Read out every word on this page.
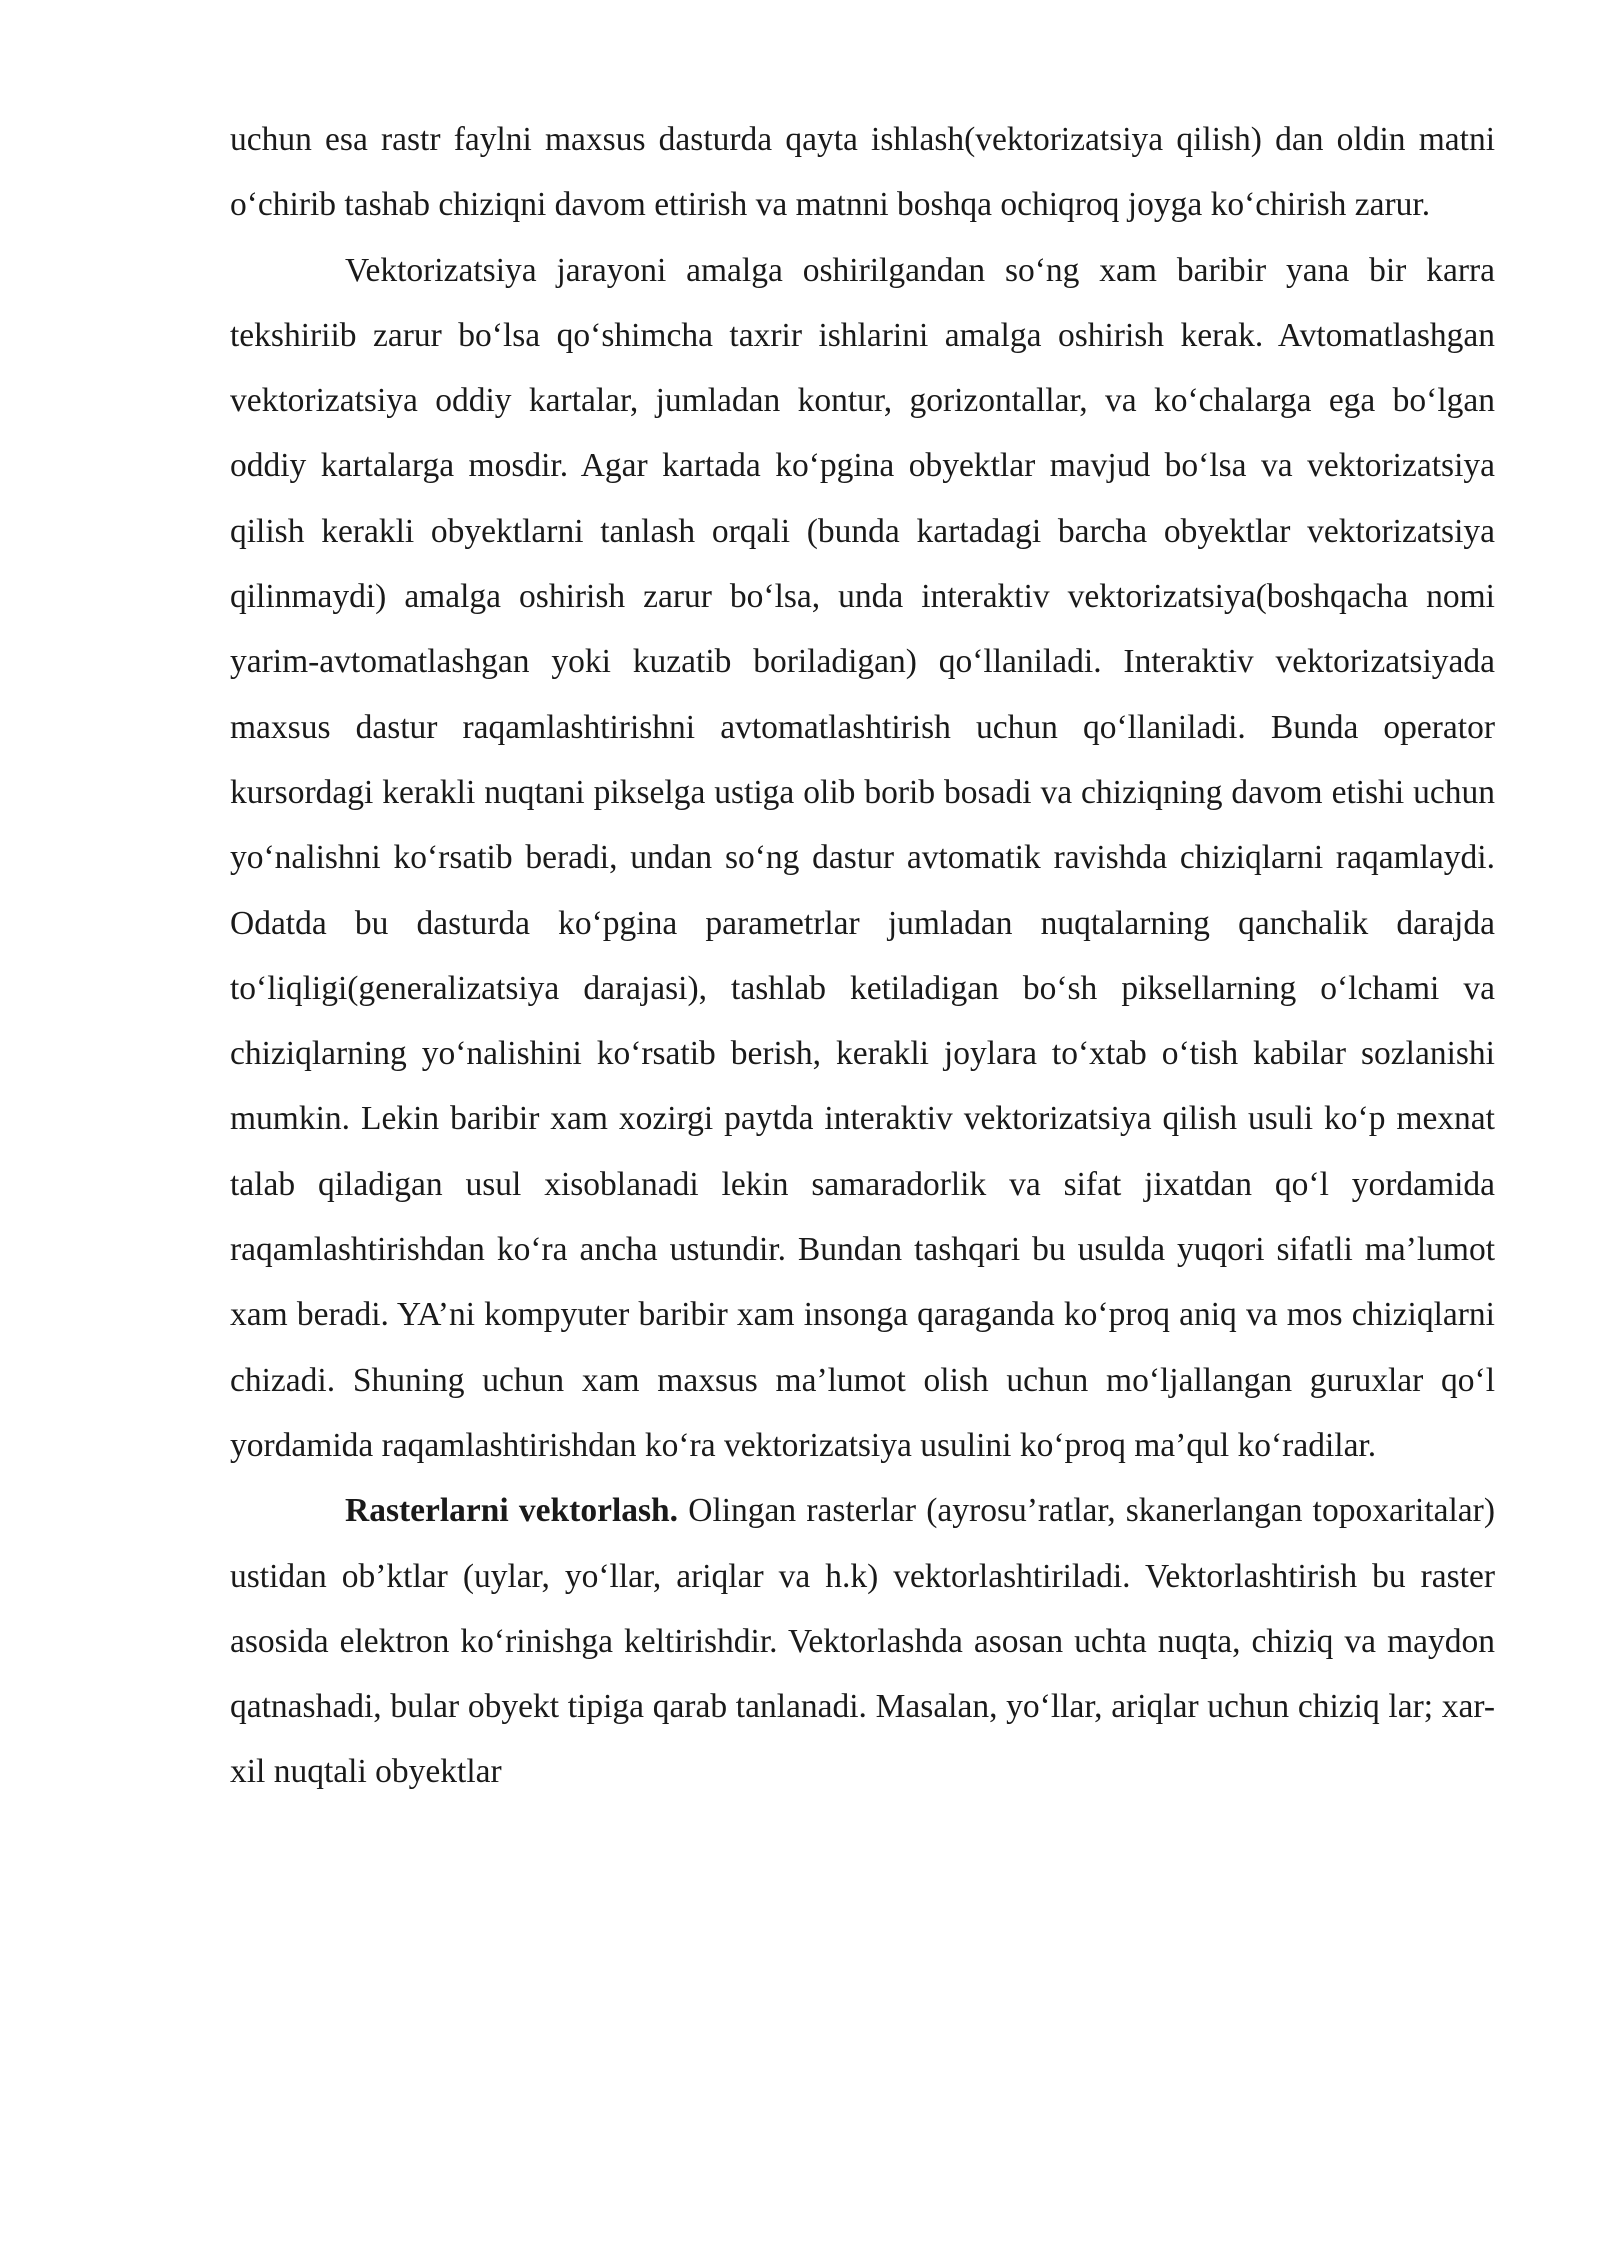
uchun esa rastr faylni maxsus dasturda qayta ishlash(vektorizatsiya qilish) dan oldin matni o‘chirib tashab chiziqni davom ettirish va matnni boshqa ochiqroq joyga ko‘chirish zarur.

Vektorizatsiya jarayoni amalga oshirilgandan so‘ng xam baribir yana bir karra tekshiriib zarur bo‘lsa qo‘shimcha taxrir ishlarini amalga oshirish kerak. Avtomatlashgan vektorizatsiya oddiy kartalar, jumladan kontur, gorizontallar, va ko‘chalarga ega bo‘lgan oddiy kartalarga mosdir. Agar kartada ko‘pgina obyektlar mavjud bo‘lsa va vektorizatsiya qilish kerakli obyektlarni tanlash orqali (bunda kartadagi barcha obyektlar vektorizatsiya qilinmaydi) amalga oshirish zarur bo‘lsa, unda interaktiv vektorizatsiya(boshqacha nomi yarim-avtomatlashgan yoki kuzatib boriladigan) qo‘llaniladi. Interaktiv vektorizatsiyada maxsus dastur raqamlashtirishni avtomatlashtirish uchun qo‘llaniladi. Bunda operator kursordagi kerakli nuqtani pikselga ustiga olib borib bosadi va chiziqning davom etishi uchun yo‘nalishni ko‘rsatib beradi, undan so‘ng dastur avtomatik ravishda chiziqlarni raqamlaydi. Odatda bu dasturda ko‘pgina parametrlar jumladan nuqtalarning qanchalik darajda to‘liqligi(generalizatsiya darajasi), tashlab ketiladigan bo‘sh piksellarning o‘lchami va chiziqlarning yo‘nalishini ko‘rsatib berish, kerakli joylara to‘xtab o‘tish kabilar sozlanishi mumkin. Lekin baribir xam xozirgi paytda interaktiv vektorizatsiya qilish usuli ko‘p mexnat talab qiladigan usul xisoblanadi lekin samaradorlik va sifat jixatdan qo‘l yordamida raqamlashtirishdan ko‘ra ancha ustundir. Bundan tashqari bu usulda yuqori sifatli ma’lumot xam beradi. YA’ni kompyuter baribir xam insonga qaraganda ko‘proq aniq va mos chiziqlarni chizadi. Shuning uchun xam maxsus ma’lumot olish uchun mo‘ljallangan guruxlar qo‘l yordamida raqamlashtirishdan ko‘ra vektorizatsiya usulini ko‘proq ma’qul ko‘radilar.

Rasterlarni vektorlash. Olingan rasterlar (ayrosu’ratlar, skanerlangan topoxaritalar) ustidan ob’ktlar (uylar, yo‘llar, ariqlar va h.k) vektorlashtiriladi. Vektorlashtirish bu raster asosida elektron ko‘rinishga keltirishdir. Vektorlashda asosan uchta nuqta, chiziq va maydon qatnashadi, bular obyekt tipiga qarab tanlanadi. Masalan, yo‘llar, ariqlar uchun chiziq lar; xar-xil nuqtali obyektlar
